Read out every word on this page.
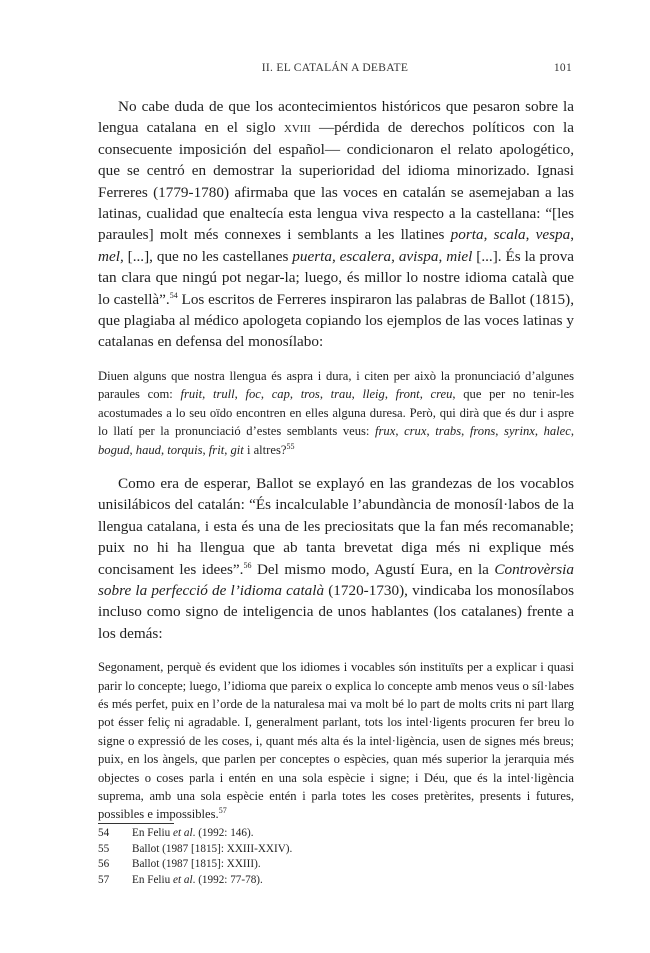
II. EL CATALÁN A DEBATE	101

No cabe duda de que los acontecimientos históricos que pesaron sobre la lengua catalana en el siglo xviii —pérdida de derechos políticos con la consecuente imposición del español— condicionaron el relato apologético, que se centró en demostrar la superioridad del idioma minorizado. Ignasi Ferreres (1779-1780) afirmaba que las voces en catalán se asemejaban a las latinas, cualidad que enaltecía esta lengua viva respecto a la castellana: “[les paraules] molt més connexes i semblants a les llatines porta, scala, vespa, mel, [...], que no les castellanes puerta, escalera, avispa, miel [...]. És la prova tan clara que ningú pot negar-la; luego, és millor lo nostre idioma català que lo castellà”.$^{54}$ Los escritos de Ferreres inspiraron las palabras de Ballot (1815), que plagiaba al médico apologeta copiando los ejemplos de las voces latinas y catalanas en defensa del monosílabo:

Diuen alguns que nostra llengua és aspra i dura, i citen per això la pronunciació d’algunes paraules com: fruit, trull, foc, cap, tros, trau, lleig, front, creu, que per no tenir-les acostumades a lo seu oïdo encontren en elles alguna duresa. Però, qui dirà que és dur i aspre lo llatí per la pronunciació d’estes semblants veus: frux, crux, trabs, frons, syrinx, halec, bogud, haud, torquis, frit, git i altres?$^{55}$

Como era de esperar, Ballot se explayó en las grandezas de los vocablos unisilábicos del catalán: “És incalculable l’abundància de monosíl·labos de la llengua catalana, i esta és una de les preciositats que la fan més recomanable; puix no hi ha llengua que ab tanta brevetat diga més ni explique més concisament les idees”.$^{56}$ Del mismo modo, Agustí Eura, en la Controvèrsia sobre la perfecció de l’idioma català (1720-1730), vindicaba los monosílabos incluso como signo de inteligencia de unos hablantes (los catalanes) frente a los demás:

Segonament, perquè és evident que los idiomes i vocables són instituïts per a explicar i quasi parir lo concepte; luego, l’idioma que pareix o explica lo concepte amb menos veus o síl·labes és més perfet, puix en l’orde de la naturalesa mai va molt bé lo part de molts crits ni part llarg pot ésser feliç ni agradable. I, generalment parlant, tots los intel·ligents procuren fer breu lo signe o expressió de les coses, i, quant més alta és la intel·ligència, usen de signes més breus; puix, en los àngels, que parlen per conceptes o espècies, quan més superior la jerarquia més objectes o coses parla i entén en una sola espècie i signe; i Déu, que és la intel·ligència suprema, amb una sola espècie entén i parla totes les coses pretèrites, presents i futures, possibles e impossibles.$^{57}$
54 En Feliu et al. (1992: 146).
55 Ballot (1987 [1815]: XXIII-XXIV).
56 Ballot (1987 [1815]: XXIII).
57 En Feliu et al. (1992: 77-78).
